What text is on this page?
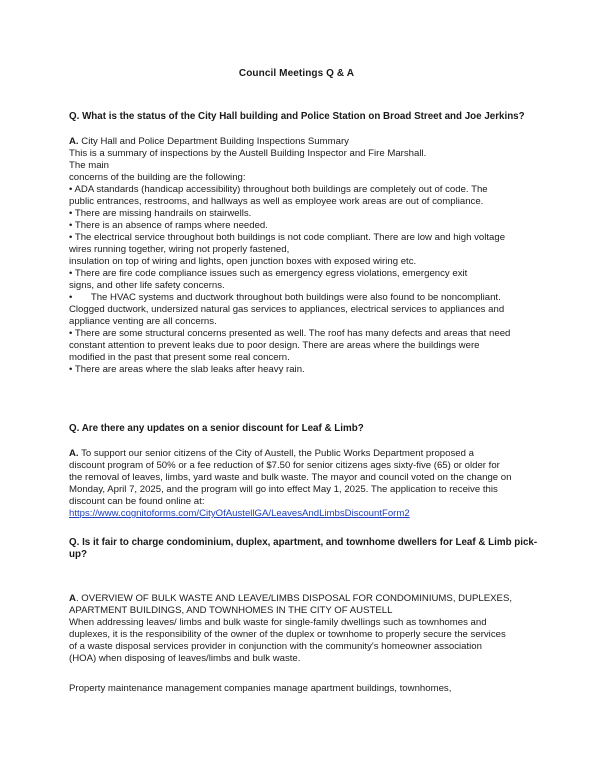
Council Meetings Q & A
Q. What is the status of the City Hall building and Police Station on Broad Street and Joe Jerkins?
A. City Hall and Police Department Building Inspections Summary
This is a summary of inspections by the Austell Building Inspector and Fire Marshall.
The main
concerns of the building are the following:
• ADA standards (handicap accessibility) throughout both buildings are completely out of code. The
public entrances, restrooms, and hallways as well as employee work areas are out of compliance.
• There are missing handrails on stairwells.
• There is an absence of ramps where needed.
• The electrical service throughout both buildings is not code compliant. There are low and high voltage
wires running together, wiring not properly fastened,
insulation on top of wiring and lights, open junction boxes with exposed wiring etc.
• There are fire code compliance issues such as emergency egress violations, emergency exit
signs, and other life safety concerns.
•       The HVAC systems and ductwork throughout both buildings were also found to be noncompliant.
Clogged ductwork, undersized natural gas services to appliances, electrical services to appliances and
appliance venting are all concerns.
• There are some structural concerns presented as well. The roof has many defects and areas that need
constant attention to prevent leaks due to poor design. There are areas where the buildings were
modified in the past that present some real concern.
• There are areas where the slab leaks after heavy rain.
Q. Are there any updates on a senior discount for Leaf & Limb?
A. To support our senior citizens of the City of Austell, the Public Works Department proposed a
discount program of 50% or a fee reduction of $7.50 for senior citizens ages sixty-five (65) or older for
the removal of leaves, limbs, yard waste and bulk waste. The mayor and council voted on the change on
Monday, April 7, 2025, and the program will go into effect May 1, 2025. The application to receive this
discount can be found online at:
https://www.cognitoforms.com/CityOfAustellGA/LeavesAndLimbsDiscountForm2
Q. Is it fair to charge condominium, duplex, apartment, and townhome dwellers for Leaf & Limb pick-
up?
A. OVERVIEW OF BULK WASTE AND LEAVE/LIMBS DISPOSAL FOR CONDOMINIUMS, DUPLEXES,
APARTMENT BUILDINGS, AND TOWNHOMES IN THE CITY OF AUSTELL
When addressing leaves/ limbs and bulk waste for single-family dwellings such as townhomes and
duplexes, it is the responsibility of the owner of the duplex or townhome to properly secure the services
of a waste disposal services provider in conjunction with the community's homeowner association
(HOA) when disposing of leaves/limbs and bulk waste.
Property maintenance management companies manage apartment buildings, townhomes,
